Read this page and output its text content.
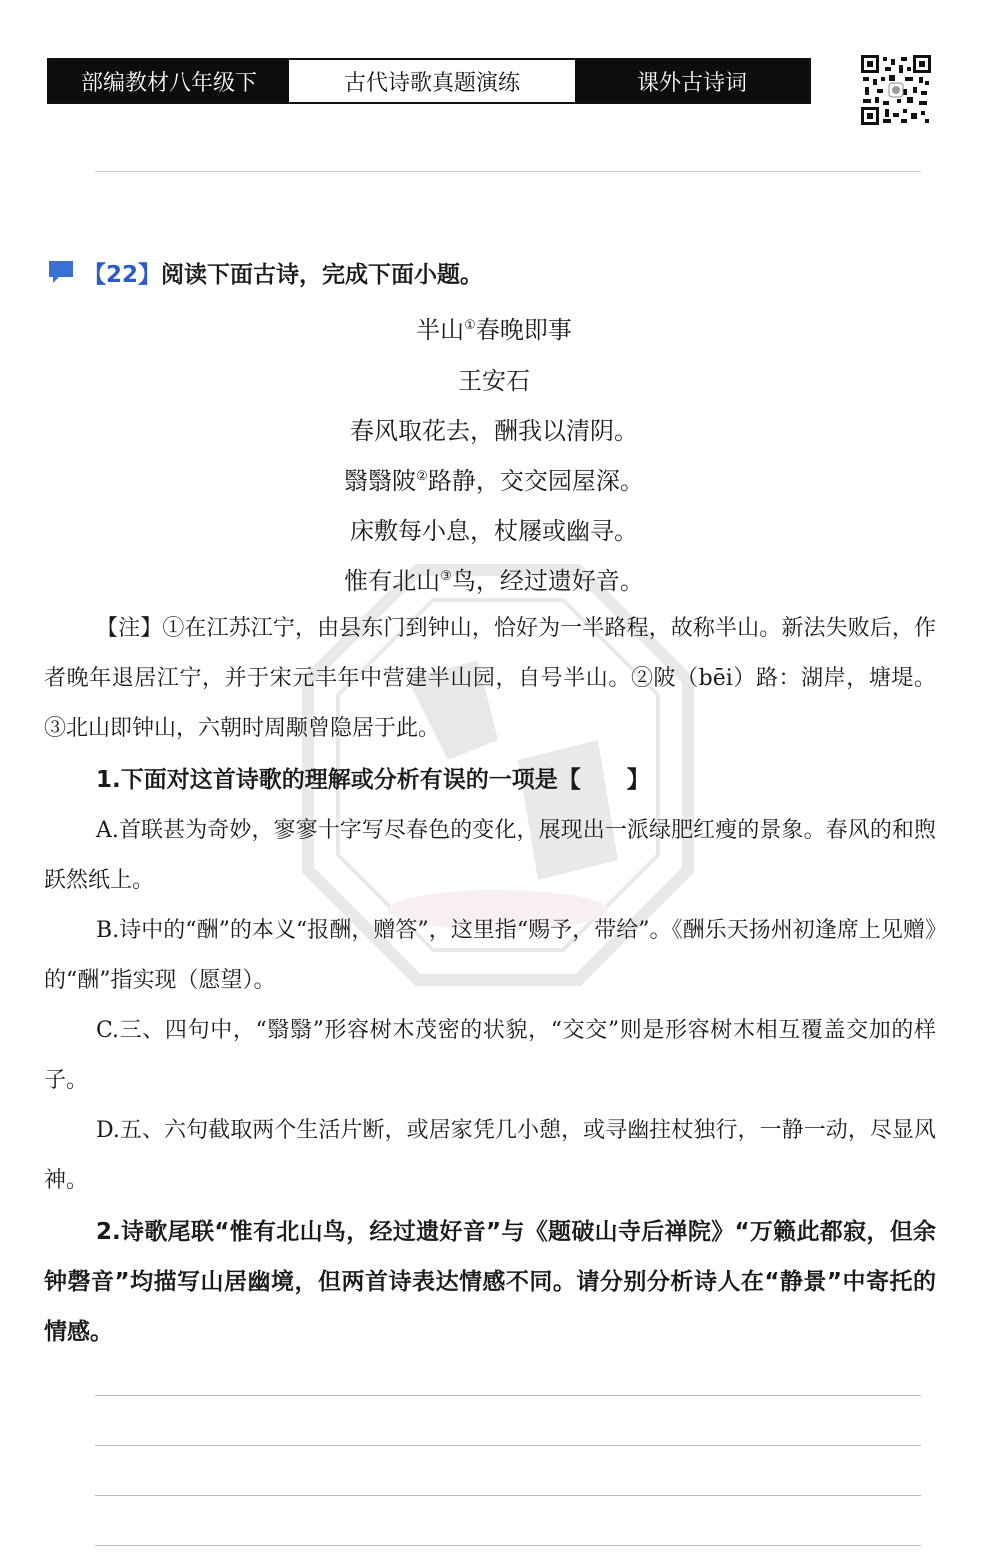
部编教材八年级下	古代诗歌真题演练	课外古诗词
【22】 阅读下面古诗，完成下面小题。
半山①春晚即事
王安石
春风取花去，酬我以清阴。
翳翳陂②路静，交交园屋深。
床敷每小息，杖屦或幽寻。
惟有北山③鸟，经过遗好音。

【注】①在江苏江宁，由县东门到钟山，恰好为一半路程，故称半山。新法失败后，作者晚年退居江宁，并于宋元丰年中营建半山园，自号半山。②陂（bēi）路：湖岸，塘堤。③北山即钟山，六朝时周颙曾隐居于此。

1.下面对这首诗歌的理解或分析有误的一项是【　　】

A.首联甚为奇妙，寥寥十字写尽春色的变化，展现出一派绿肥红瘦的景象。春风的和煦跃然纸上。

B.诗中的“酬”的本义“报酬，赠答”，这里指“赐予，带给”。《酬乐天扬州初逢席上见赠》的“酬”指实现（愿望）。

C.三、四句中，“翳翳”形容树木茂密的状貌，“交交”则是形容树木相互覆盖交加的样子。

D.五、六句截取两个生活片断，或居家凭几小憩，或寻幽拄杖独行，一静一动，尽显风神。

2.诗歌尾联“惟有北山鸟，经过遗好音”与《题破山寺后禅院》“万籁此都寂，但余钟磬音”均描写山居幽境，但两首诗表达情感不同。请分别分析诗人在“静景”中寄托的情感。
